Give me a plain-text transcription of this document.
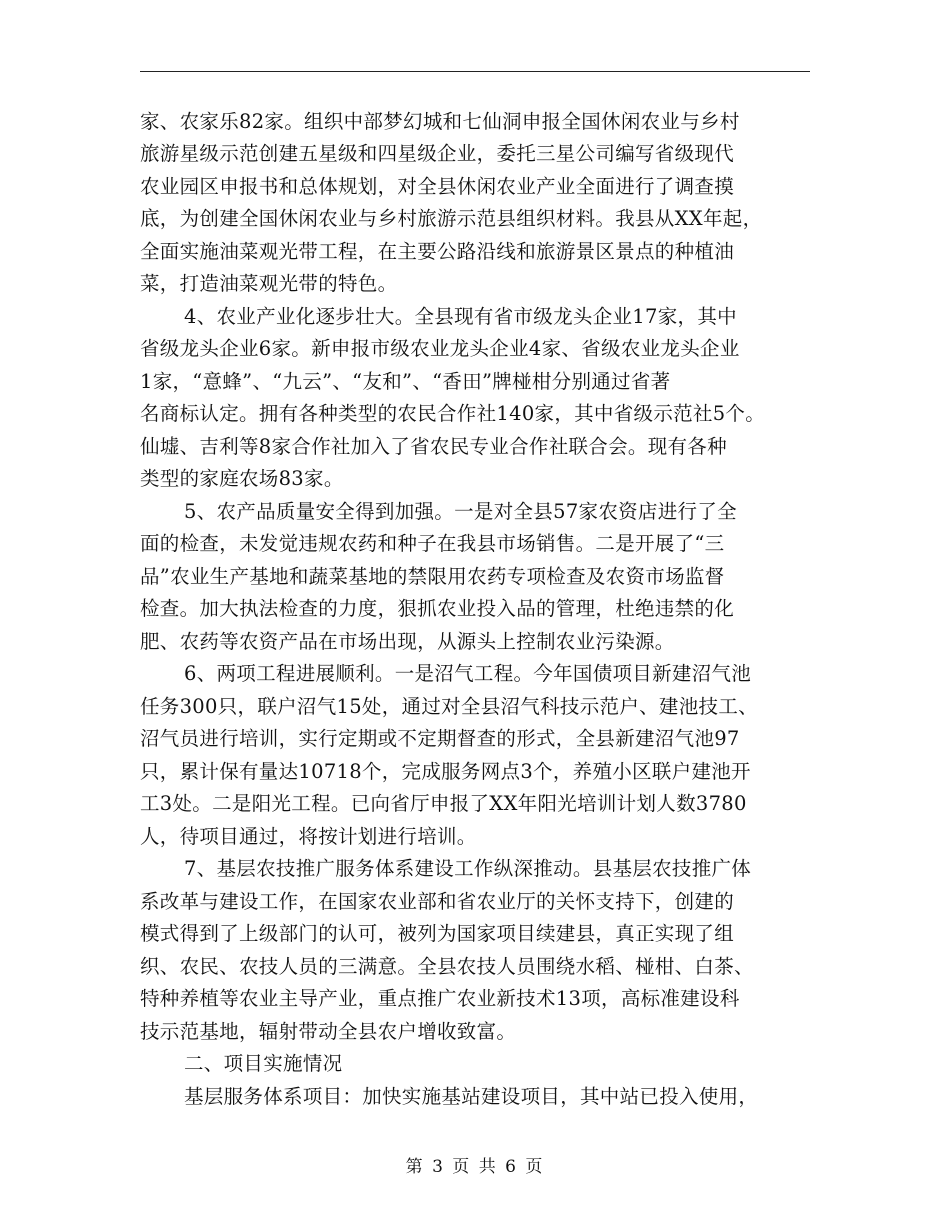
家、农家乐82家。组织中部梦幻城和七仙洞申报全国休闲农业与乡村
旅游星级示范创建五星级和四星级企业，委托三星公司编写省级现代
农业园区申报书和总体规划，对全县休闲农业产业全面进行了调查摸
底，为创建全国休闲农业与乡村旅游示范县组织材料。我县从XX年起，
全面实施油菜观光带工程，在主要公路沿线和旅游景区景点的种植油
菜，打造油菜观光带的特色。
4、农业产业化逐步壮大。全县现有省市级龙头企业17家，其中
省级龙头企业6家。新申报市级农业龙头企业4家、省级农业龙头企业
1家，“意蜂”、“九云”、“友和”、“香田”牌椪柑分别通过省著
名商标认定。拥有各种类型的农民合作社140家，其中省级示范社5个。
仙墟、吉利等8家合作社加入了省农民专业合作社联合会。现有各种
类型的家庭农场83家。
5、农产品质量安全得到加强。一是对全县57家农资店进行了全
面的检查，未发觉违规农药和种子在我县市场销售。二是开展了“三
品”农业生产基地和蔬菜基地的禁限用农药专项检查及农资市场监督
检查。加大执法检查的力度，狠抓农业投入品的管理，杜绝违禁的化
肥、农药等农资产品在市场出现，从源头上控制农业污染源。
6、两项工程进展顺利。一是沼气工程。今年国债项目新建沼气池
任务300只，联户沼气15处，通过对全县沼气科技示范户、建池技工、
沼气员进行培训，实行定期或不定期督查的形式，全县新建沼气池97
只，累计保有量达10718个，完成服务网点3个，养殖小区联户建池开
工3处。二是阳光工程。已向省厅申报了XX年阳光培训计划人数3780
人，待项目通过，将按计划进行培训。
7、基层农技推广服务体系建设工作纵深推动。县基层农技推广体
系改革与建设工作，在国家农业部和省农业厅的关怀支持下，创建的
模式得到了上级部门的认可，被列为国家项目续建县，真正实现了组
织、农民、农技人员的三满意。全县农技人员围绕水稻、椪柑、白茶、
特种养植等农业主导产业，重点推广农业新技术13项，高标准建设科
技示范基地，辐射带动全县农户增收致富。
二、项目实施情况
基层服务体系项目：加快实施基站建设项目，其中站已投入使用，
第 3 页 共 6 页
